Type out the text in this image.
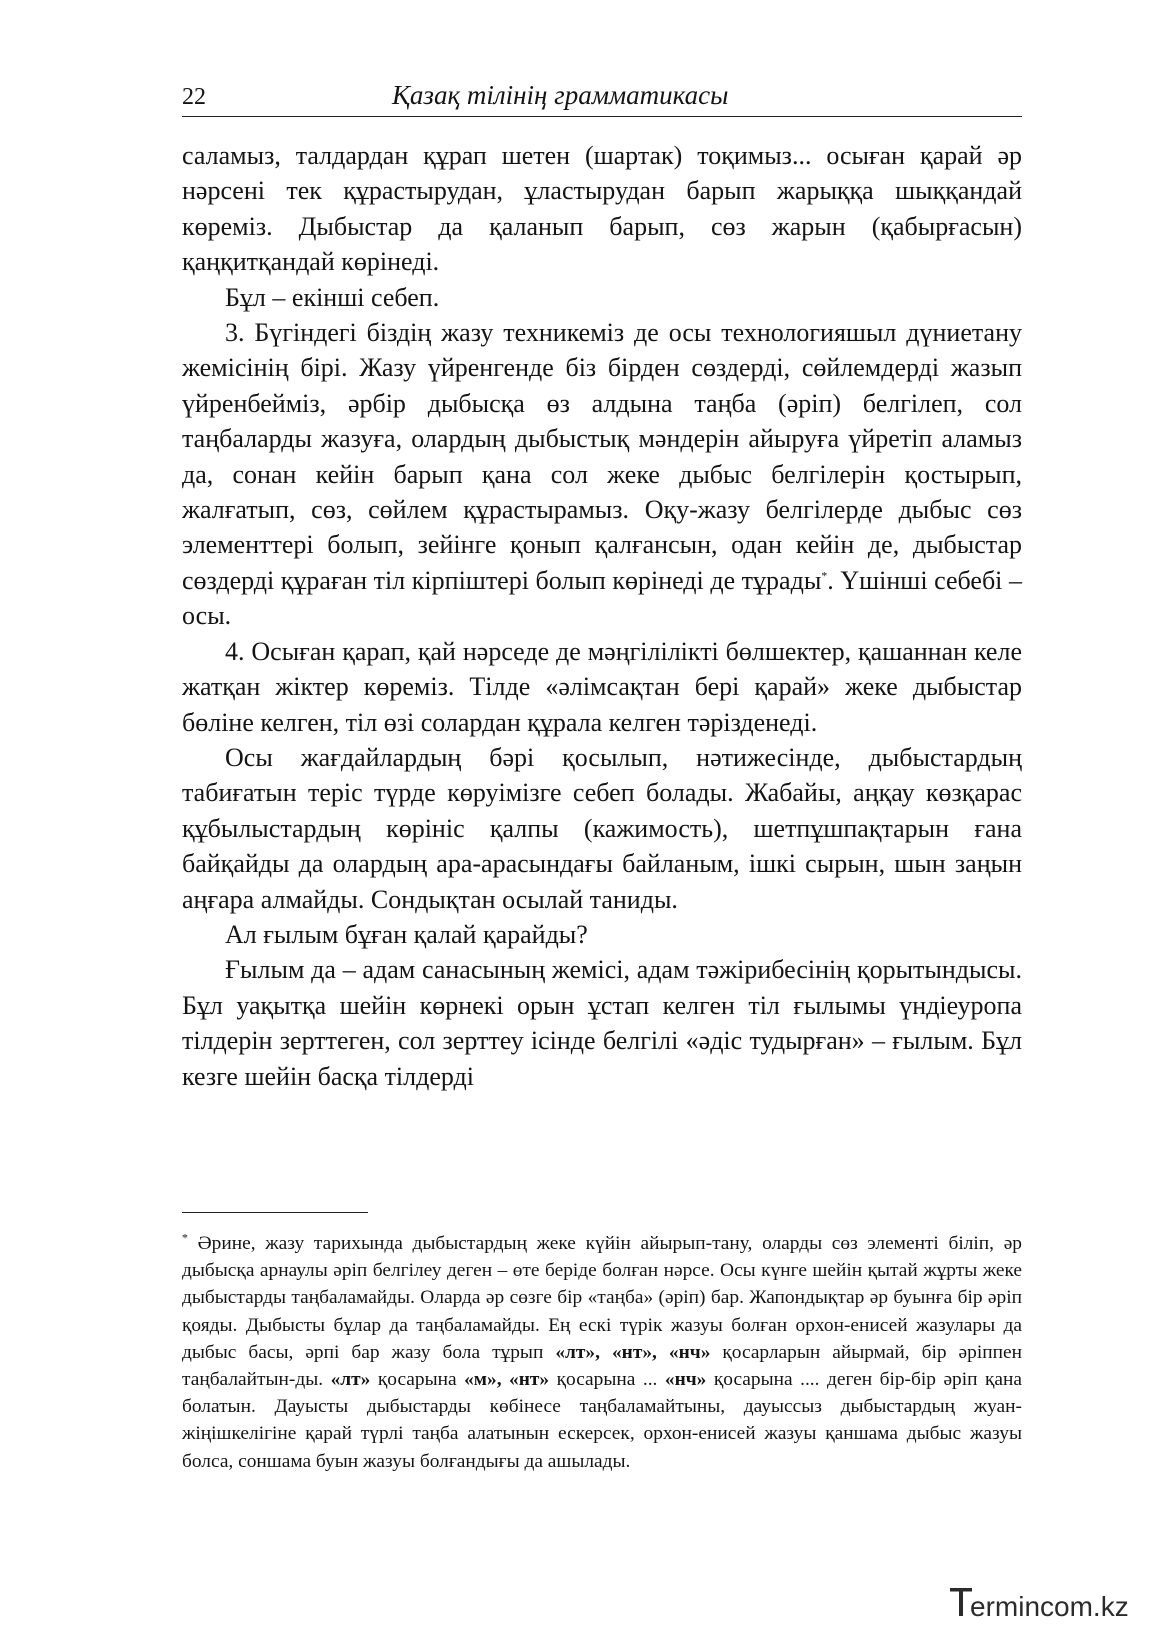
22	Қазақ тілінің грамматикасы

саламыз, талдардан құрап шетен (шартак) тоқимыз... осыған қарай әр нәрсені тек құрастырудан, ұластырудан барып жарыққа шыққандай көреміз. Дыбыстар да қаланып барып, сөз жарын (қабырғасын) қаңқитқандай көрінеді.

Бұл – екінші себеп.

3. Бүгіндегі біздің жазу техникеміз де осы технологияшыл дүниетану жемісінің бірі. Жазу үйренгенде біз бірден сөздерді, сөйлемдерді жазып үйренбейміз, әрбір дыбысқа өз алдына таңба (әріп) белгілеп, сол таңбаларды жазуға, олардың дыбыстық мәндерін айыруға үйретіп аламыз да, сонан кейін барып қана сол жеке дыбыс белгілерін қостырып, жалғатып, сөз, сөйлем құрастырамыз. Оқу-жазу белгілерде дыбыс сөз элементтері болып, зейінге қонып қалғансын, одан кейін де, дыбыстар сөздерді құраған тіл кірпіштері болып көрінеді де тұрады*. Үшінші себебі – осы.

4. Осыған қарап, қай нәрседе де мәңгілілікті бөлшектер, қашаннан келе жатқан жіктер көреміз. Тілде «әлімсақтан бері қарай» жеке дыбыстар бөліне келген, тіл өзі солардан құрала келген тәрізденеді.

Осы жағдайлардың бәрі қосылып, нәтижесінде, дыбыстардың табиғатын теріс түрде көруімізге себеп болады. Жабайы, аңқау көзқарас құбылыстардың көрініс қалпы (кажимость), шетпұшпақтарын ғана байқайды да олардың ара-арасындағы байланым, ішкі сырын, шын заңын аңғара алмайды. Сондықтан осылай таниды.

Ал ғылым бұған қалай қарайды?

Ғылым да – адам санасының жемісі, адам тәжірибесінің қорытындысы. Бұл уақытқа шейін көрнекі орын ұстап келген тіл ғылымы үндіеуропа тілдерін зерттеген, сол зерттеу ісінде белгілі «әдіс тудырған» – ғылым. Бұл кезге шейін басқа тілдерді

* Әрине, жазу тарихында дыбыстардың жеке күйін айырып-тану, оларды сөз элементі біліп, әр дыбысқа арнаулы әріп белгілеу деген – өте беріде болған нәрсе. Осы күнге шейін қытай жұрты жеке дыбыстарды таңбаламайды. Оларда әр сөзге бір «таңба» (әріп) бар. Жапондықтар әр буынға бір әріп қояды. Дыбысты бұлар да таңбаламайды. Ең ескі түрік жазуы болған орхон-енисей жазулары да дыбыс басы, әрпі бар жазу бола тұрып «лт», «нт», «нч» қосарларын айырмай, бір әріппен таңбалайтын-ды. «лт» қосарына «м», «нт» қосарына ... «нч» қосарына .... деген бір-бір әріп қана болатын. Дауысты дыбыстарды көбінесе таңбаламайтыны, дауыссыз дыбыстардың жуан-жіңішкелігіне қарай түрлі таңба алатынын ескерсек, орхон-енисей жазуы қаншама дыбыс жазуы болса, соншама буын жазуы болғандығы да ашылады.

ermincom.kz
